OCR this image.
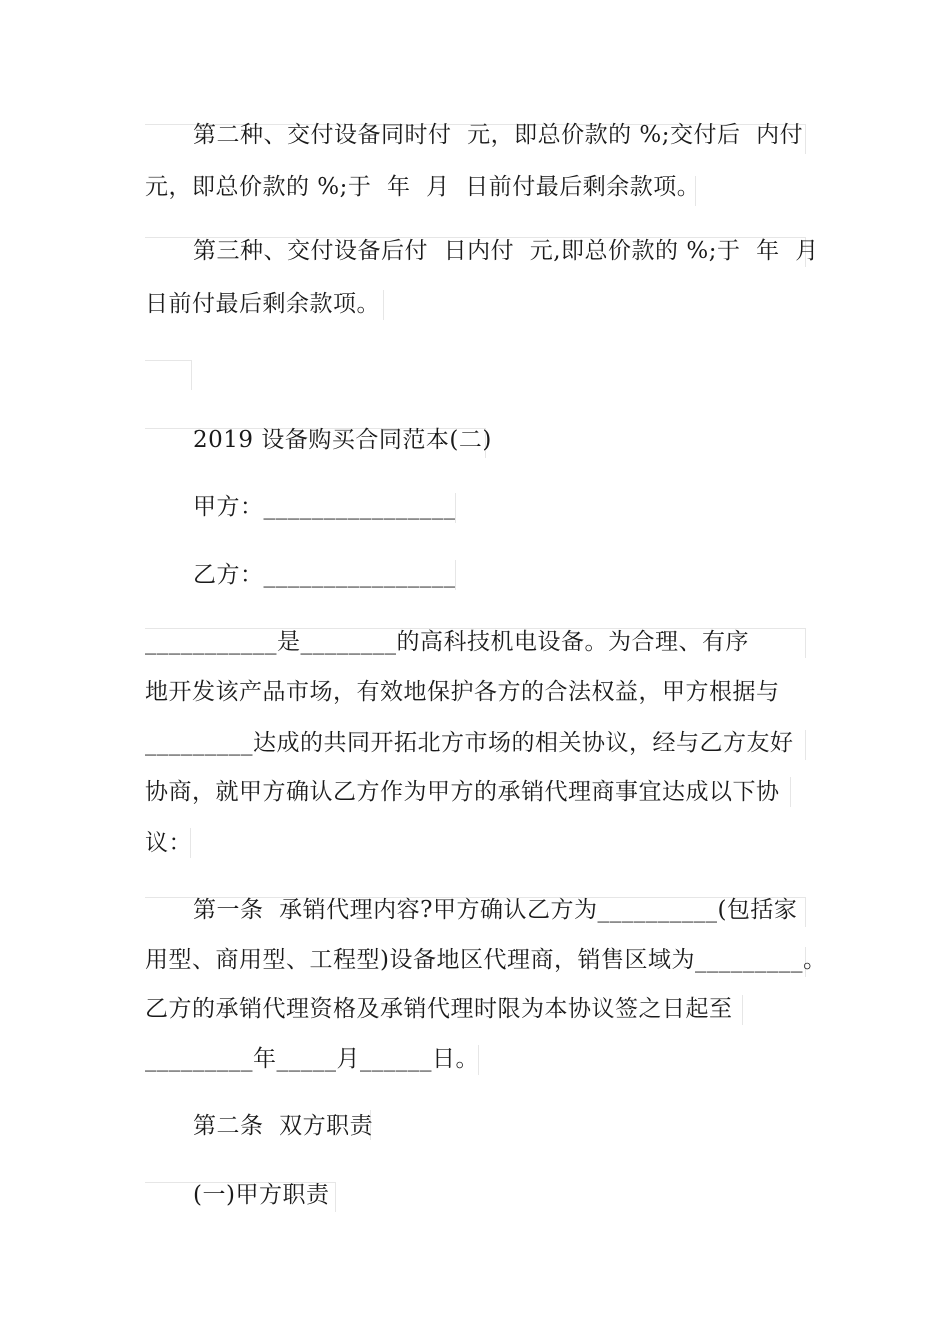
第二种、交付设备同时付  元，即总价款的 %;交付后  内付
元，即总价款的 %;于  年  月  日前付最后剩余款项。
第三种、交付设备后付  日内付  元,即总价款的 %;于  年  月
日前付最后剩余款项。
2019 设备购买合同范本(二)
甲方：________________
乙方：________________
___________是________的高科技机电设备。为合理、有序
地开发该产品市场，有效地保护各方的合法权益，甲方根据与
_________达成的共同开拓北方市场的相关协议，经与乙方友好
协商，就甲方确认乙方作为甲方的承销代理商事宜达成以下协
议：
第一条  承销代理内容?甲方确认乙方为__________(包括家
用型、商用型、工程型)设备地区代理商，销售区域为_________。
乙方的承销代理资格及承销代理时限为本协议签之日起至
_________年_____月______日。
第二条  双方职责
(一)甲方职责
